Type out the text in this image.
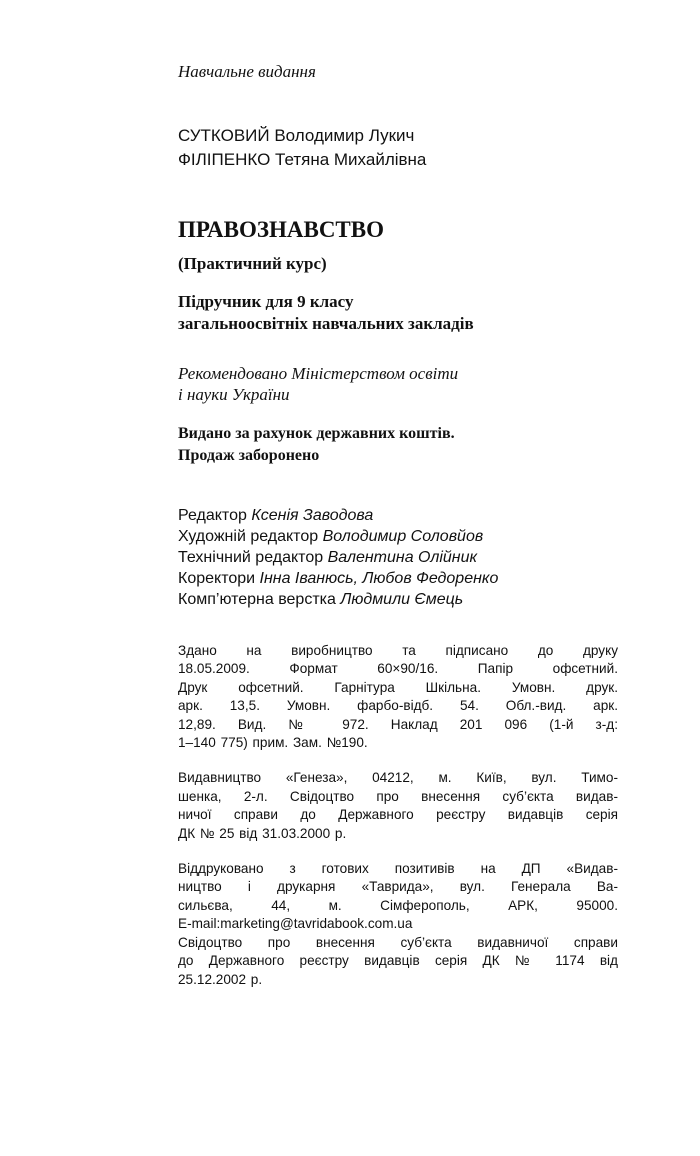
Навчальне видання
СУТКОВИЙ Володимир Лукич
ФІЛІПЕНКО Тетяна Михайлівна
ПРАВОЗНАВСТВО
(Практичний курс)
Підручник для 9 класу
загальноосвітніх навчальних закладів
Рекомендовано Міністерством освіти
і науки України
Видано за рахунок державних коштів.
Продаж заборонено
Редактор Ксенія Заводова
Художній редактор Володимир Соловйов
Технічний редактор Валентина Олійник
Коректори Інна Іванюсь, Любов Федоренко
Комп’ютерна верстка Людмили Ємець
Здано на виробництво та підписано до друку
18.05.2009. Формат 60×90/16. Папір офсетний.
Друк офсетний. Гарнітура Шкільна. Умовн. друк.
арк. 13,5. Умовн. фарбо-відб. 54. Обл.-вид. арк.
12,89. Вид. № 972. Наклад 201 096 (1-й з-д:
1–140 775) прим. Зам. №190.
Видавництво «Генеза», 04212, м. Київ, вул. Тимо-
шенка, 2-л. Свідоцтво про внесення суб’єкта видав-
ничої справи до Державного реєстру видавців серія
ДК № 25 від 31.03.2000 р.
Віддруковано з готових позитивів на ДП «Видав-
ництво і друкарня «Таврида», вул. Генерала Ва-
сильєва, 44, м. Сімферополь, АРК, 95000.
E-mail:marketing@tavridabook.com.ua
Свідоцтво про внесення суб’єкта видавничої справи
до Державного реєстру видавців серія ДК № 1174 від
25.12.2002 р.
